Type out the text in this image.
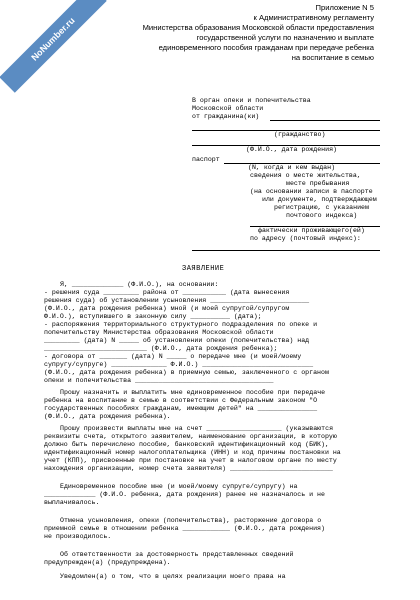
NoNumber.ru
Приложение N 5
к Административному регламенту
Министерства образования Московской области предоставления
государственной услуги по назначению и выплате
единовременного пособия гражданам при передаче ребенка
на воспитание в семью
В орган опеки и попечительства
Московской области
от гражданина(ки)
(гражданство)
(Ф.И.О., дата рождения)
паспорт
(N, когда и кем выдан)
сведения о месте жительства,
месте пребывания
(на основании записи в паспорте
или документе, подтверждающем
регистрацию, с указанием
почтового индекса)
фактически проживающего(ей)
по адресу (почтовый индекс):
ЗАЯВЛЕНИЕ
Я, _____________ (Ф.И.О.), на основании:
- решения суда _________ района от ___________ (дата вынесения
решения суда) об установлении усыновления _________________________
(Ф.И.О., дата рождения ребенка) мной (и моей супругой/супругом
Ф.И.О.), вступившего в законную силу __________ (дата);
- распоряжения территориального структурного подразделения по опеке и
попечительству Министерства образования Московской области
_________ (дата) N _____ об установлении опеки (попечительства) над
__________________________ (Ф.И.О., дата рождения ребенка);
- договора от _______ (дата) N _____ о передаче мне (и моей/моему
супругу/супруге) ______________ Ф.И.О.) ____________________________
(Ф.И.О., дата рождения ребенка) в приемную семью, заключенного с органом
опеки и попечительства ___________________________________
Прошу назначить и выплатить мне единовременное пособие при передаче
ребенка на воспитание в семью в соответствии с Федеральным законом "О
государственных пособиях гражданам, имеющим детей" на _______________
(Ф.И.О., дата рождения ребенка).
Прошу произвести выплаты мне на счет ___________________ (указываются
реквизиты счета, открытого заявителем, наименование организации, в которую
должно быть перечислено пособие, банковский идентификационный код (БИК),
идентификационный номер налогоплательщика (ИНН) и код причины постановки на
учет (КПП), присвоенные при постановке на учет в налоговом органе по месту
нахождения организации, номер счета заявителя) __________________________
Единовременное пособие мне (и моей/моему супруге/супругу) на
_____________ (Ф.И.О. ребенка, дата рождения) ранее не назначалось и не
выплачивалось.
Отмена усыновления, опеки (попечительства), расторжение договора о
приемной семье в отношении ребенка ____________ (Ф.И.О., дата рождения)
не производилось.
Об ответственности за достоверность представленных сведений
предупрежден(а) (предупреждена).
Уведомлен(а) о том, что в целях реализации моего права на
